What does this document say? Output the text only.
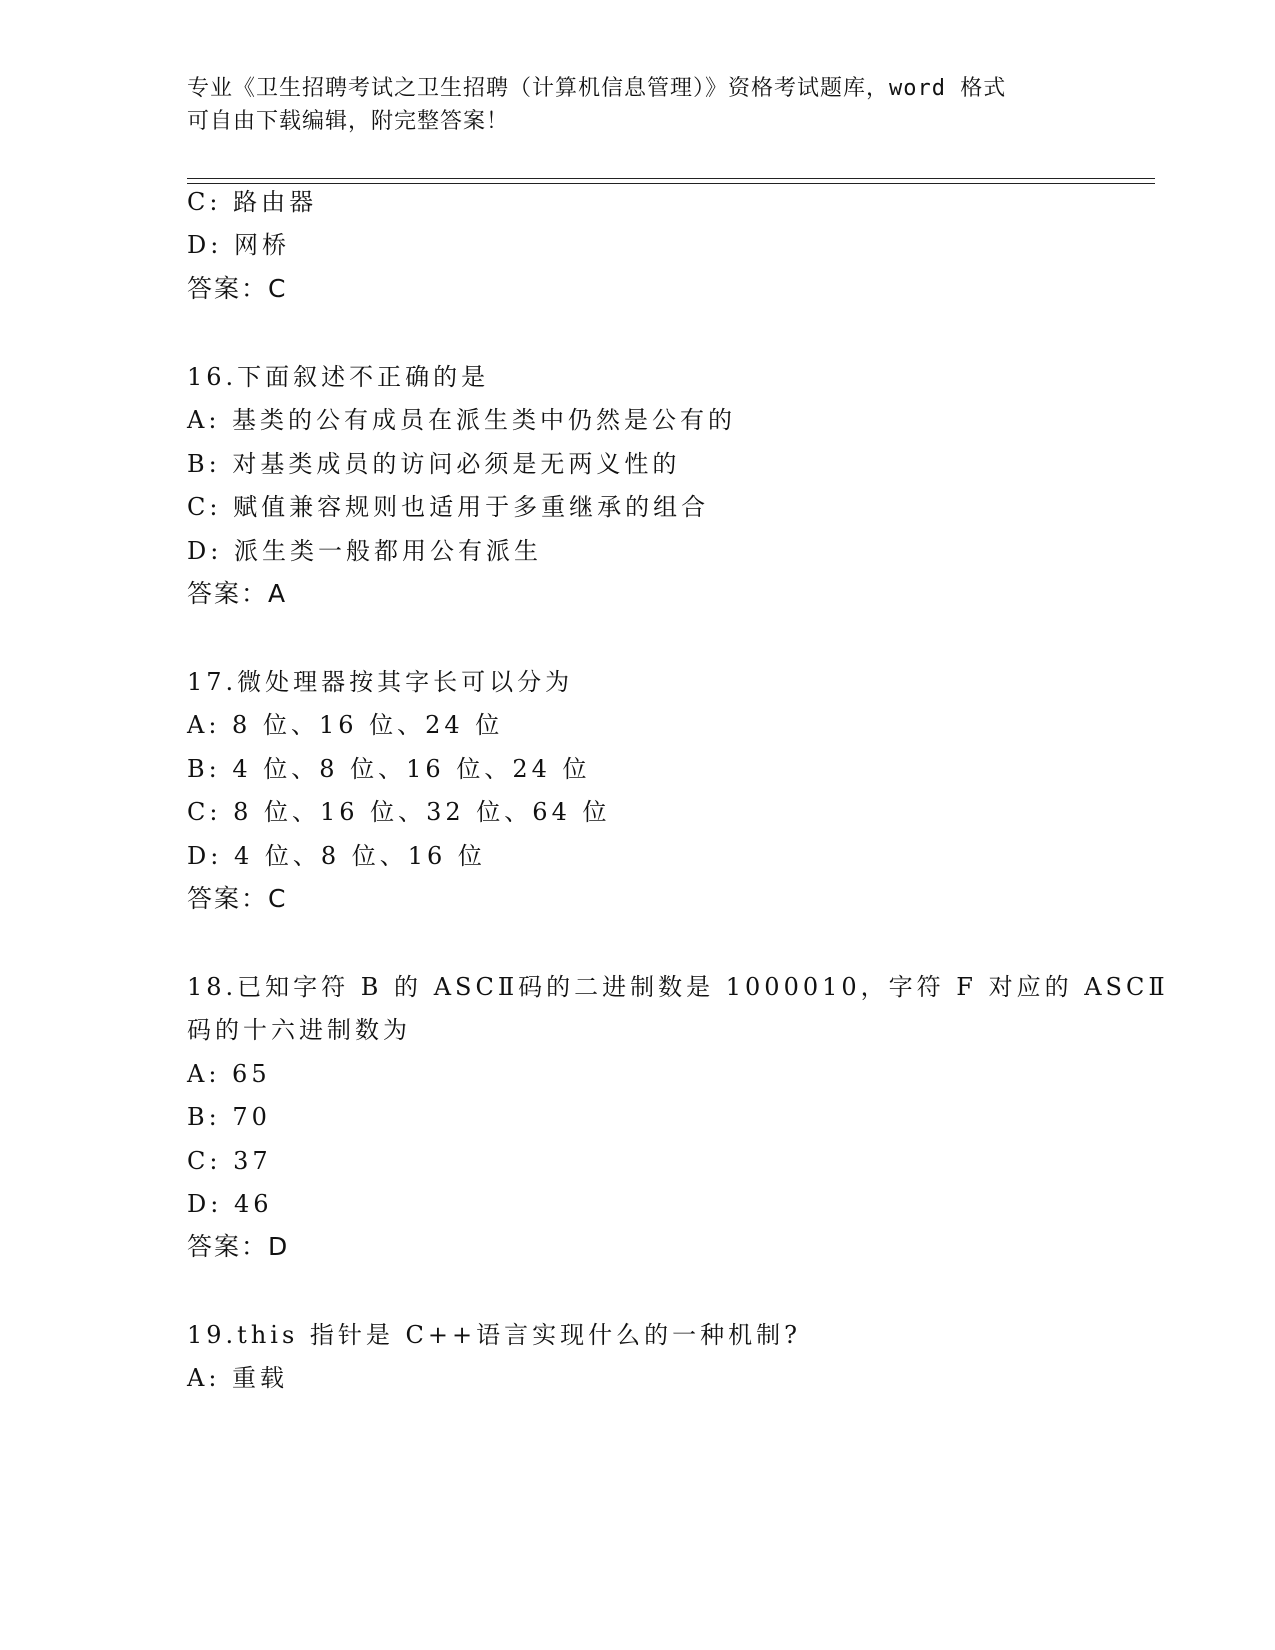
专业《卫生招聘考试之卫生招聘（计算机信息管理）》资格考试题库，word 格式
可自由下载编辑，附完整答案！
C: 路由器
D: 网桥
答案：C
16.下面叙述不正确的是
A: 基类的公有成员在派生类中仍然是公有的
B: 对基类成员的访问必须是无两义性的
C: 赋值兼容规则也适用于多重继承的组合
D: 派生类一般都用公有派生
答案：A
17.微处理器按其字长可以分为
A: 8 位、16 位、24 位
B: 4 位、8 位、16 位、24 位
C: 8 位、16 位、32 位、64 位
D: 4 位、8 位、16 位
答案：C
18.已知字符 B 的 ASCⅡ码的二进制数是 1000010，字符 F 对应的 ASCⅡ
码的十六进制数为
A: 65
B: 70
C: 37
D: 46
答案：D
19.this 指针是 C++语言实现什么的一种机制?
A: 重载
